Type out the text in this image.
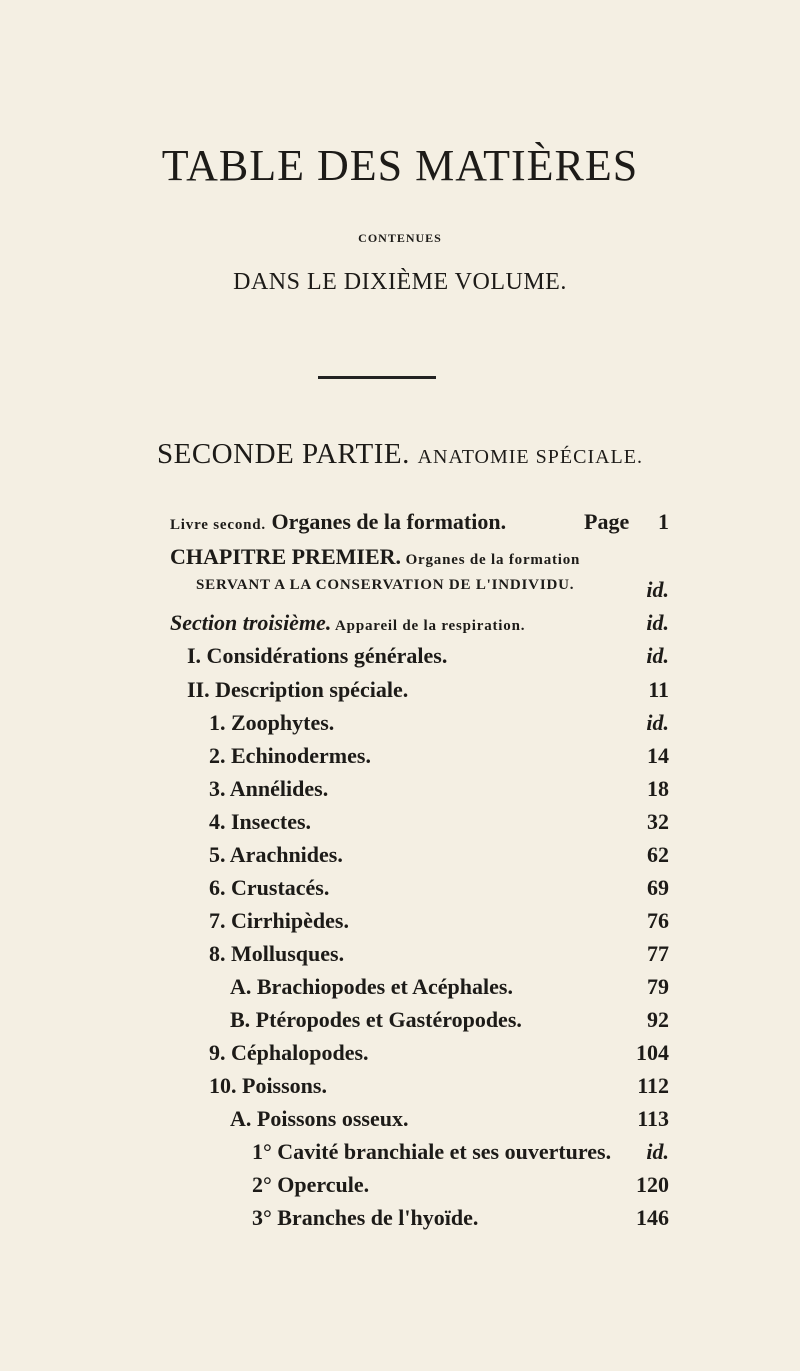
TABLE DES MATIÈRES
CONTENUES
DANS LE DIXIÈME VOLUME.
SECONDE PARTIE. ANATOMIE SPÉCIALE.
Livre second. Organes de la formation.	Page 1
CHAPITRE PREMIER. Organes de la formation
SERVANT A LA CONSERVATION DE L'INDIVIDU.	id.
Section troisième. Appareil de la respiration.	id.
I. Considérations générales.	id.
II. Description spéciale.	11
1. Zoophytes.	id.
2. Echinodermes.	14
3. Annélides.	18
4. Insectes.	32
5. Arachnides.	62
6. Crustacés.	69
7. Cirrhipèdes.	76
8. Mollusques.	77
A. Brachiopodes et Acéphales.	79
B. Ptéropodes et Gastéropodes.	92
9. Céphalopodes.	104
10. Poissons.	112
A. Poissons osseux.	113
1° Cavité branchiale et ses ouvertures. id.
2° Opercule.	120
3° Branches de l'hyoïde.	146
